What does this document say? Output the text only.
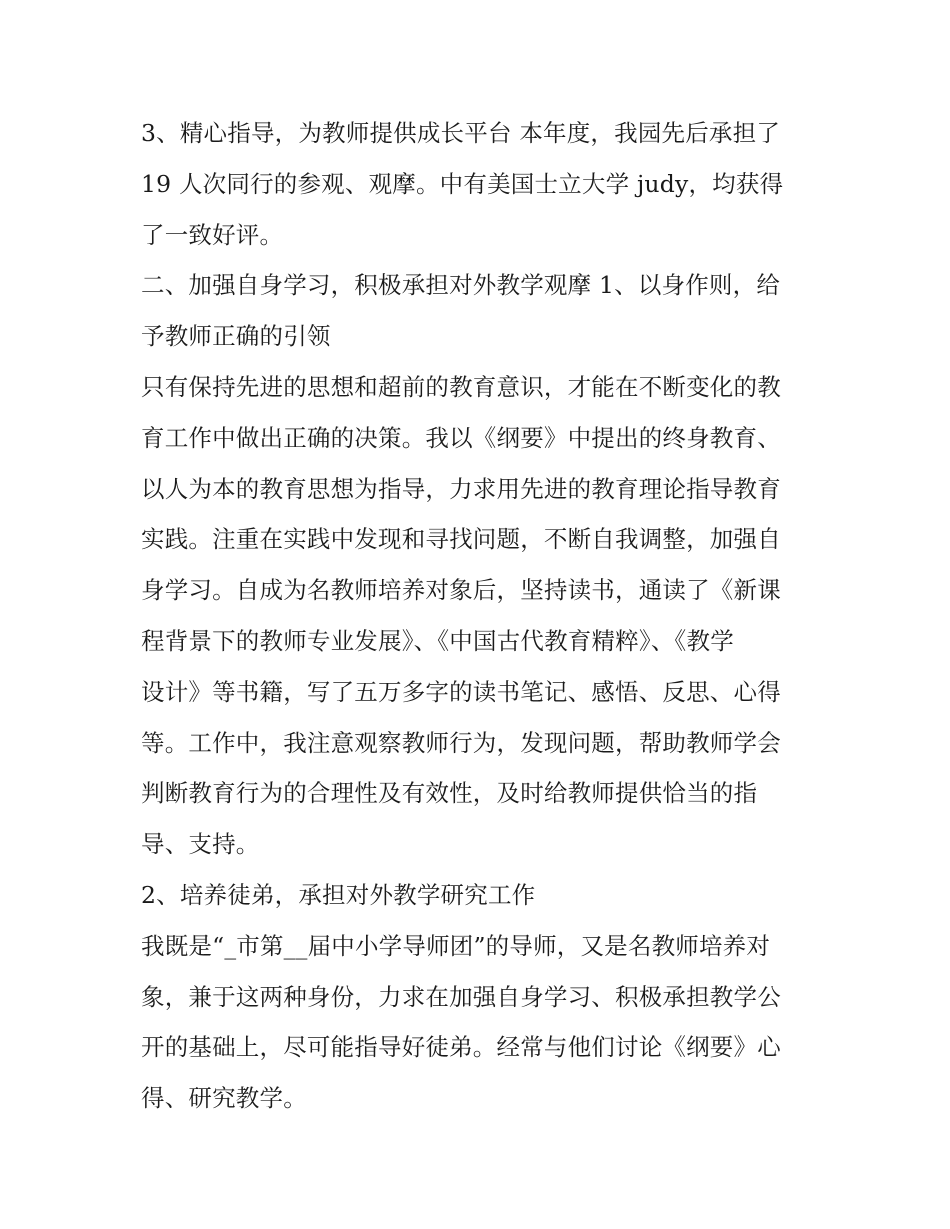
3、精心指导，为教师提供成长平台 本年度，我园先后承担了
19 人次同行的参观、观摩。中有美国士立大学 judy，均获得
了一致好评。
二、加强自身学习，积极承担对外教学观摩 1、以身作则，给
予教师正确的引领
只有保持先进的思想和超前的教育意识，才能在不断变化的教
育工作中做出正确的决策。我以《纲要》中提出的终身教育、
以人为本的教育思想为指导，力求用先进的教育理论指导教育
实践。注重在实践中发现和寻找问题，不断自我调整，加强自
身学习。自成为名教师培养对象后，坚持读书，通读了《新课
程背景下的教师专业发展》、《中国古代教育精粹》、《教学
设计》等书籍，写了五万多字的读书笔记、感悟、反思、心得
等。工作中，我注意观察教师行为，发现问题，帮助教师学会
判断教育行为的合理性及有效性，及时给教师提供恰当的指
导、支持。
2、培养徒弟，承担对外教学研究工作
我既是“_市第__届中小学导师团”的导师，又是名教师培养对
象，兼于这两种身份，力求在加强自身学习、积极承担教学公
开的基础上，尽可能指导好徒弟。经常与他们讨论《纲要》心
得、研究教学。
